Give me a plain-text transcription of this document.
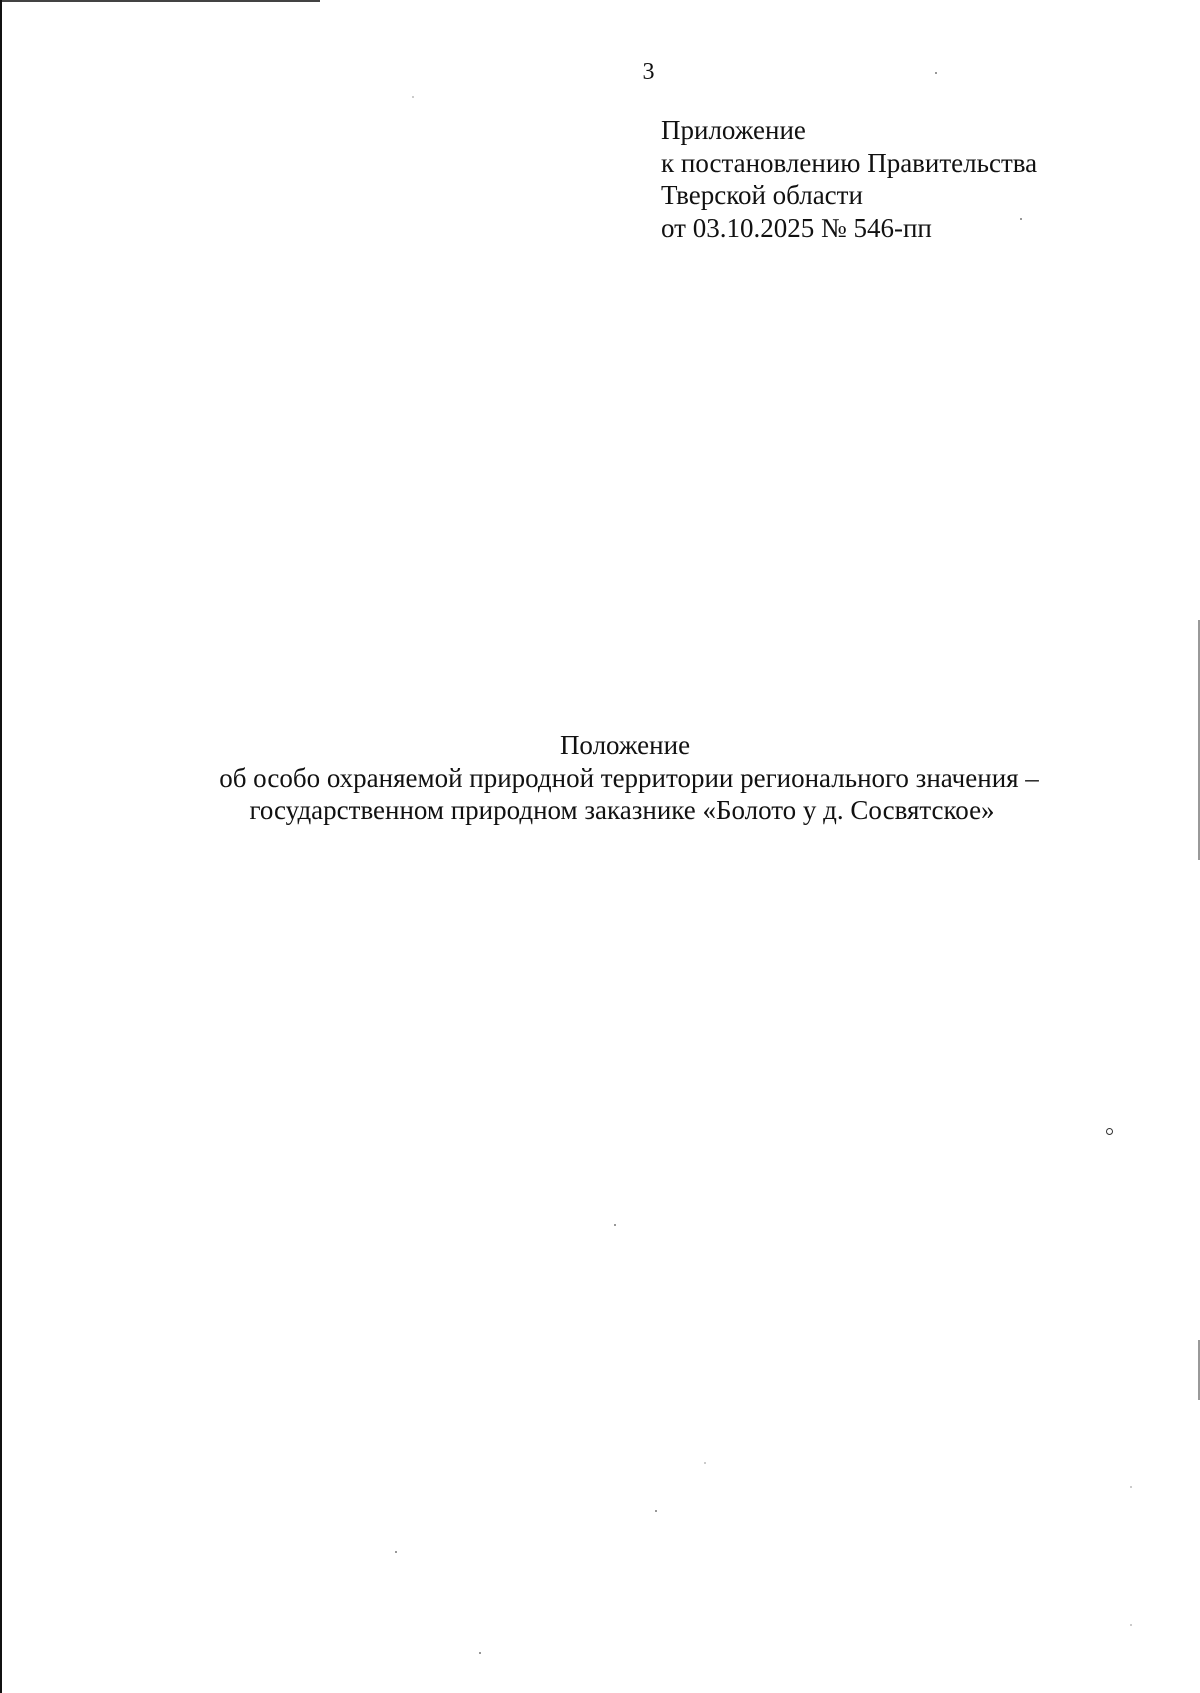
3
Приложение
к постановлению Правительства
Тверской области
от 03.10.2025 № 546-пп
Положение
об особо охраняемой природной территории регионального значения –
государственном природном заказнике «Болото у д. Сосвятское»
